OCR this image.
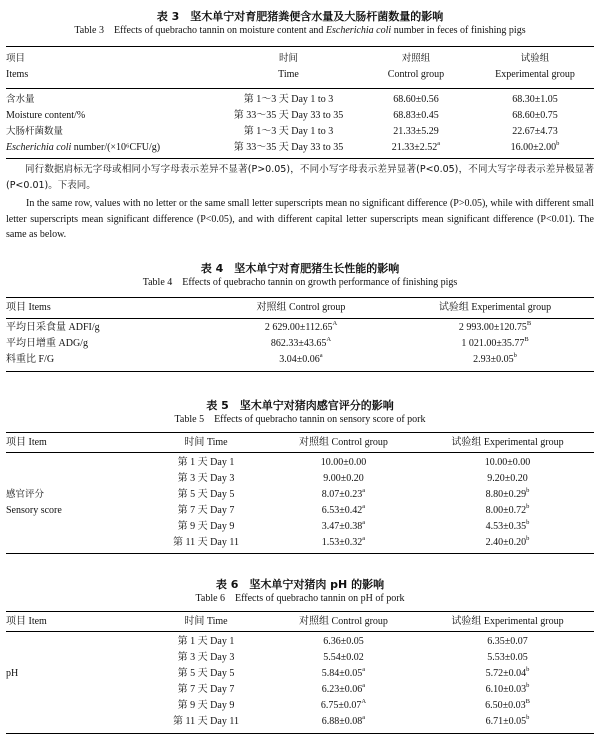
表 3　坚木单宁对育肥猪粪便含水量及大肠杆菌数量的影响
Table 3　Effects of quebracho tannin on moisture content and Escherichia coli number in feces of finishing pigs
项目	时间	对照组	试验组
Items	Time	Control group	Experimental group
含水量	第 1～3 天 Day 1 to 3	68.60±0.56	68.30±1.05
Moisture content/%	第 33～35 天 Day 33 to 35	68.83±0.45	68.60±0.75
大肠杆菌数量	第 1～3 天 Day 1 to 3	21.33±5.29	22.67±4.73
Escherichia coli number/(×10⁶CFU/g)	第 33～35 天 Day 33 to 35	21.33±2.52$^a$	16.00±2.00$^b$
同行数据肩标无字母或相同小写字母表示差异不显著(P>0.05)，不同小写字母表示差异显著(P<0.05)，不同大写字母表示差异极显著(P<0.01)。下表同。
In the same row, values with no letter or the same small letter superscripts mean no significant difference (P>0.05), while with different small letter superscripts mean significant difference (P<0.05), and with different capital letter superscripts mean significant difference (P<0.01). The same as below.
表 4　坚木单宁对育肥猪生长性能的影响
Table 4　Effects of quebracho tannin on growth performance of finishing pigs
项目 Items	对照组 Control group	试验组 Experimental group
平均日采食量 ADFI/g	2 $629.00\pm 112.65^A$	2 $993.00\pm 120.75^B$
平均日增重 ADG/g	$862.33\pm 43.65^A$	1 $021.00\pm 35.77^B$
料重比 F/G	3.04±0.06$^a$	2.93±0.05$^b$
表 5　坚木单宁对猪肉感官评分的影响
Table 5　Effects of quebracho tannin on sensory score of pork
项目 Item	时间 Time	对照组 Control group	试验组 Experimental group
	第 1 天 Day 1	10.00±0.00	10.00±0.00
	第 3 天 Day 3	9.00±0.20	9.20±0.20
感官评分	第 5 天 Day 5	8.07±0.23$^a$	8.80±0.29$^b$
Sensory score	第 7 天 Day 7	6.53±0.42$^a$	8.00±0.72$^b$
	第 9 天 Day 9	3.47±0.38$^a$	4.53±0.35$^b$
	第 11 天 Day 11	1.53±0.32$^a$	2.40±0.20$^b$
表 6　坚木单宁对猪肉 pH 的影响
Table 6　Effects of quebracho tannin on pH of pork
项目 Item	时间 Time	对照组 Control group	试验组 Experimental group
	第 1 天 Day 1	6.36±0.05	6.35±0.07
	第 3 天 Day 3	5.54±0.02	5.53±0.05
pH	第 5 天 Day 5	5.84±0.05$^a$	5.72±0.04$^b$
	第 7 天 Day 7	6.23±0.06$^a$	6.10±0.03$^b$
	第 9 天 Day 9	$6.75\pm 0.07^A$	$6.50\pm 0.03^B$
	第 11 天 Day 11	6.88±0.08$^a$	6.71±0.05$^b$
